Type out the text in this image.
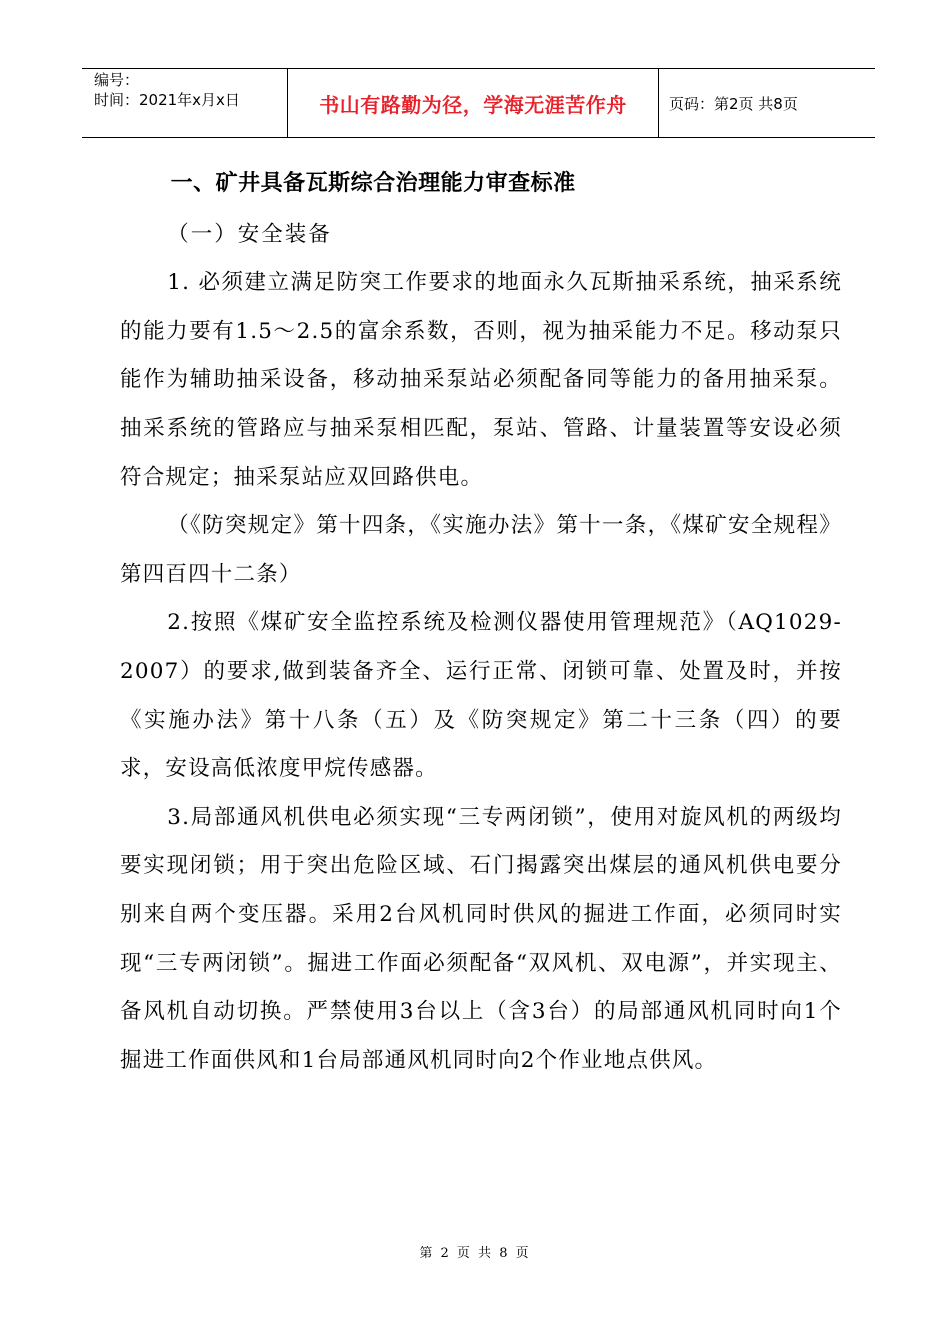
编号：
时间：2021年x月x日	书山有路勤为径，学海无涯苦作舟	页码：第2页 共8页

一、矿井具备瓦斯综合治理能力审查标准

（一）安全装备

1. 必须建立满足防突工作要求的地面永久瓦斯抽采系统，抽采系统的能力要有1.5～2.5的富余系数，否则，视为抽采能力不足。移动泵只能作为辅助抽采设备，移动抽采泵站必须配备同等能力的备用抽采泵。抽采系统的管路应与抽采泵相匹配，泵站、管路、计量装置等安设必须符合规定；抽采泵站应双回路供电。

（《防突规定》第十四条，《实施办法》第十一条，《煤矿安全规程》第四百四十二条）

2.按照《煤矿安全监控系统及检测仪器使用管理规范》（AQ1029-2007）的要求,做到装备齐全、运行正常、闭锁可靠、处置及时，并按《实施办法》第十八条（五）及《防突规定》第二十三条（四）的要求，安设高低浓度甲烷传感器。

3.局部通风机供电必须实现“三专两闭锁”，使用对旋风机的两级均要实现闭锁；用于突出危险区域、石门揭露突出煤层的通风机供电要分别来自两个变压器。采用2台风机同时供风的掘进工作面，必须同时实现“三专两闭锁”。掘进工作面必须配备“双风机、双电源”，并实现主、备风机自动切换。严禁使用3台以上（含3台）的局部通风机同时向1个掘进工作面供风和1台局部通风机同时向2个作业地点供风。

第 2 页 共 8 页
